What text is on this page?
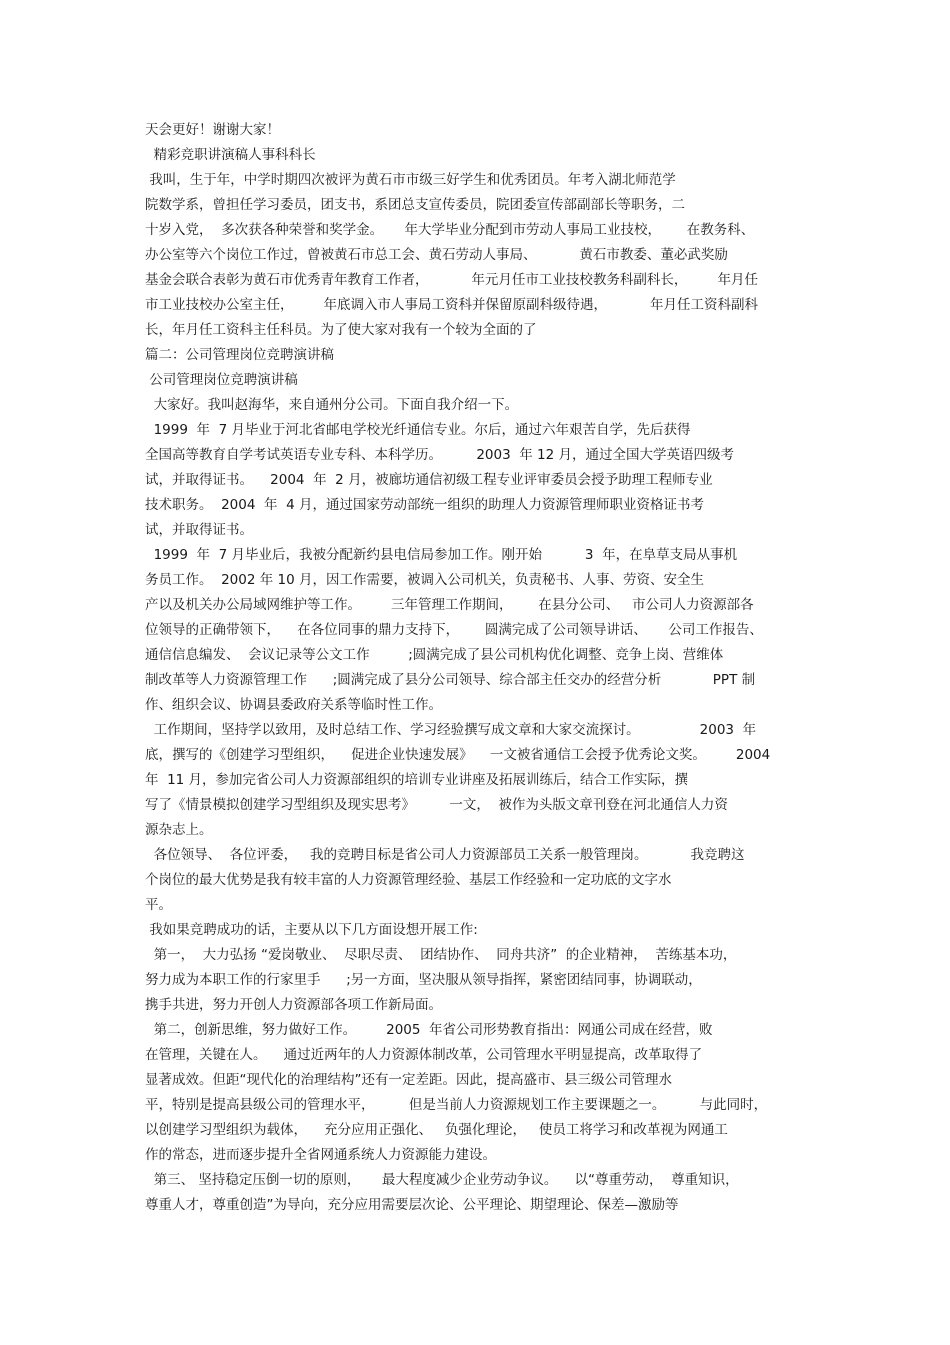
天会更好！谢谢大家！
精彩竞职讲演稿人事科科长
我叫，生于年，中学时期四次被评为黄石市市级三好学生和优秀团员。年考入湖北师范学
院数学系，曾担任学习委员，团支书，系团总支宣传委员，院团委宣传部副部长等职务，二
十岁入党，  多次获各种荣誉和奖学金。     年大学毕业分配到市劳动人事局工业技校，      在教务科、
办公室等六个岗位工作过，曾被黄石市总工会、黄石劳动人事局、          黄石市教委、董必武奖励
基金会联合表彰为黄石市优秀青年教育工作者，          年元月任市工业技校教务科副科长，       年月任
市工业技校办公室主任，       年底调入市人事局工资科并保留原副科级待遇，          年月任工资科副科
长，年月任工资科主任科员。为了使大家对我有一个较为全面的了
篇二：公司管理岗位竞聘演讲稿
公司管理岗位竞聘演讲稿
大家好。我叫赵海华，来自通州分公司。下面自我介绍一下。
1999  年  7 月毕业于河北省邮电学校光纤通信专业。尔后，通过六年艰苦自学，先后获得
全国高等教育自学考试英语专业专科、本科学历。        2003  年 12 月，通过全国大学英语四级考
试，并取得证书。    2004  年  2 月，被廊坊通信初级工程专业评审委员会授予助理工程师专业
技术职务。  2004  年  4 月，通过国家劳动部统一组织的助理人力资源管理师职业资格证书考
试，并取得证书。
1999  年  7 月毕业后，我被分配新约县电信局参加工作。刚开始          3  年，在阜草支局从事机
务员工作。  2002 年 10 月，因工作需要，被调入公司机关，负责秘书、人事、劳资、安全生
产以及机关办公局域网维护等工作。       三年管理工作期间，      在县分公司、   市公司人力资源部各
位领导的正确带领下，    在各位同事的鼎力支持下，      圆满完成了公司领导讲话、     公司工作报告、
通信信息编发、  会议记录等公文工作         ;圆满完成了县公司机构优化调整、竞争上岗、营维体
制改革等人力资源管理工作      ;圆满完成了县分公司领导、综合部主任交办的经营分析            PPT 制
作、组织会议、协调县委政府关系等临时性工作。
工作期间，坚持学以致用，及时总结工作、学习经验撰写成文章和大家交流探讨。              2003  年
底，撰写的《创建学习型组织，    促进企业快速发展》    一文被省通信工会授予优秀论文奖。       2004
年  11 月，参加完省公司人力资源部组织的培训专业讲座及拓展训练后，结合工作实际，撰
写了《情景模拟创建学习型组织及现实思考》        一文，  被作为头版文章刊登在河北通信人力资
源杂志上。
各位领导、  各位评委，   我的竞聘目标是省公司人力资源部员工关系一般管理岗。          我竞聘这
个岗位的最大优势是我有较丰富的人力资源管理经验、基层工作经验和一定功底的文字水
平。
我如果竞聘成功的话，主要从以下几方面设想开展工作:
第一，  大力弘扬 “爱岗敬业、  尽职尽责、  团结协作、  同舟共济”  的企业精神，  苦练基本功，
努力成为本职工作的行家里手      ;另一方面，坚决服从领导指挥，紧密团结同事，协调联动，
携手共进，努力开创人力资源部各项工作新局面。
第二，创新思维，努力做好工作。       2005  年省公司形势教育指出：网通公司成在经营，败
在管理，关键在人。    通过近两年的人力资源体制改革，公司管理水平明显提高，改革取得了
显著成效。但距“现代化的治理结构”还有一定差距。因此，提高盛市、县三级公司管理水
平，特别是提高县级公司的管理水平，        但是当前人力资源规划工作主要课题之一。        与此同时，
以创建学习型组织为载体，    充分应用正强化、   负强化理论，   使员工将学习和改革视为网通工
作的常态，进而逐步提升全省网通系统人力资源能力建设。
第三、 坚持稳定压倒一切的原则，     最大程度减少企业劳动争议。    以“尊重劳动，  尊重知识，
尊重人才，尊重创造”为导向，充分应用需要层次论、公平理论、期望理论、保差—激励等
